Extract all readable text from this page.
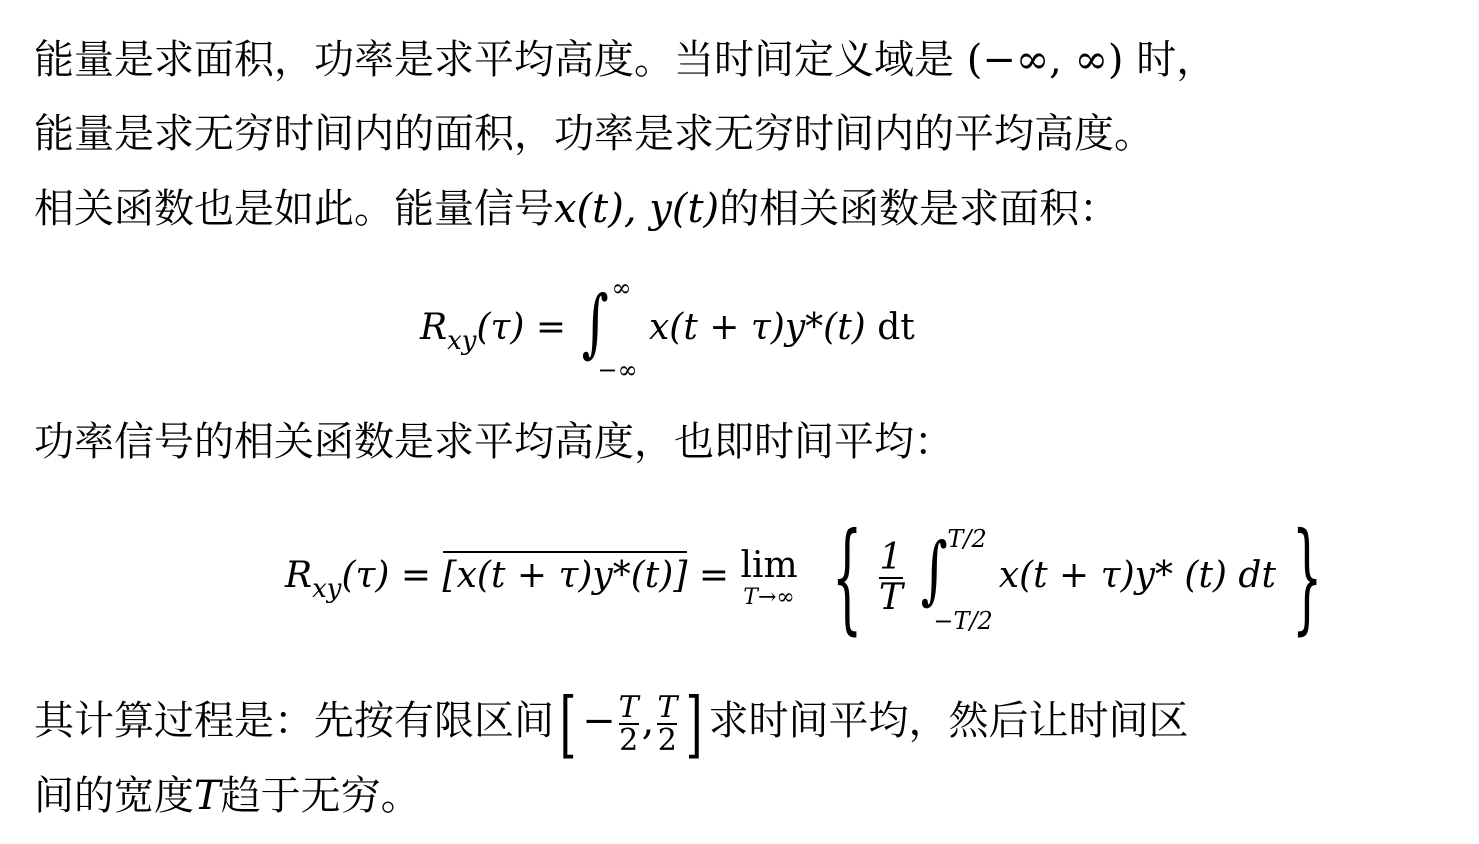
能量是求面积，功率是求平均高度。当时间定义域是 (−∞, ∞) 时，
能量是求无穷时间内的面积，功率是求无穷时间内的平均高度。
相关函数也是如此。能量信号x(t), y(t)的相关函数是求面积：
$R_{xy}(\tau)$ = ∫ ∞
−∞
x(t + τ)y*(t) dt
功率信号的相关函数是求平均高度，也即时间平均：
$R_{xy}(\tau) = [x(t + \tau)y*(t)] = \lim$
T→∞ { $\frac{1}{T}$
∫ T/2
−T/2
x(t + τ)y* (t) dt }
其计算过程是：先按有限区间[ − $\frac{T}{2}$ , $\frac{T}{2}$ ] 求时间平均，然后让时间区
间的宽度T趋于无穷。
